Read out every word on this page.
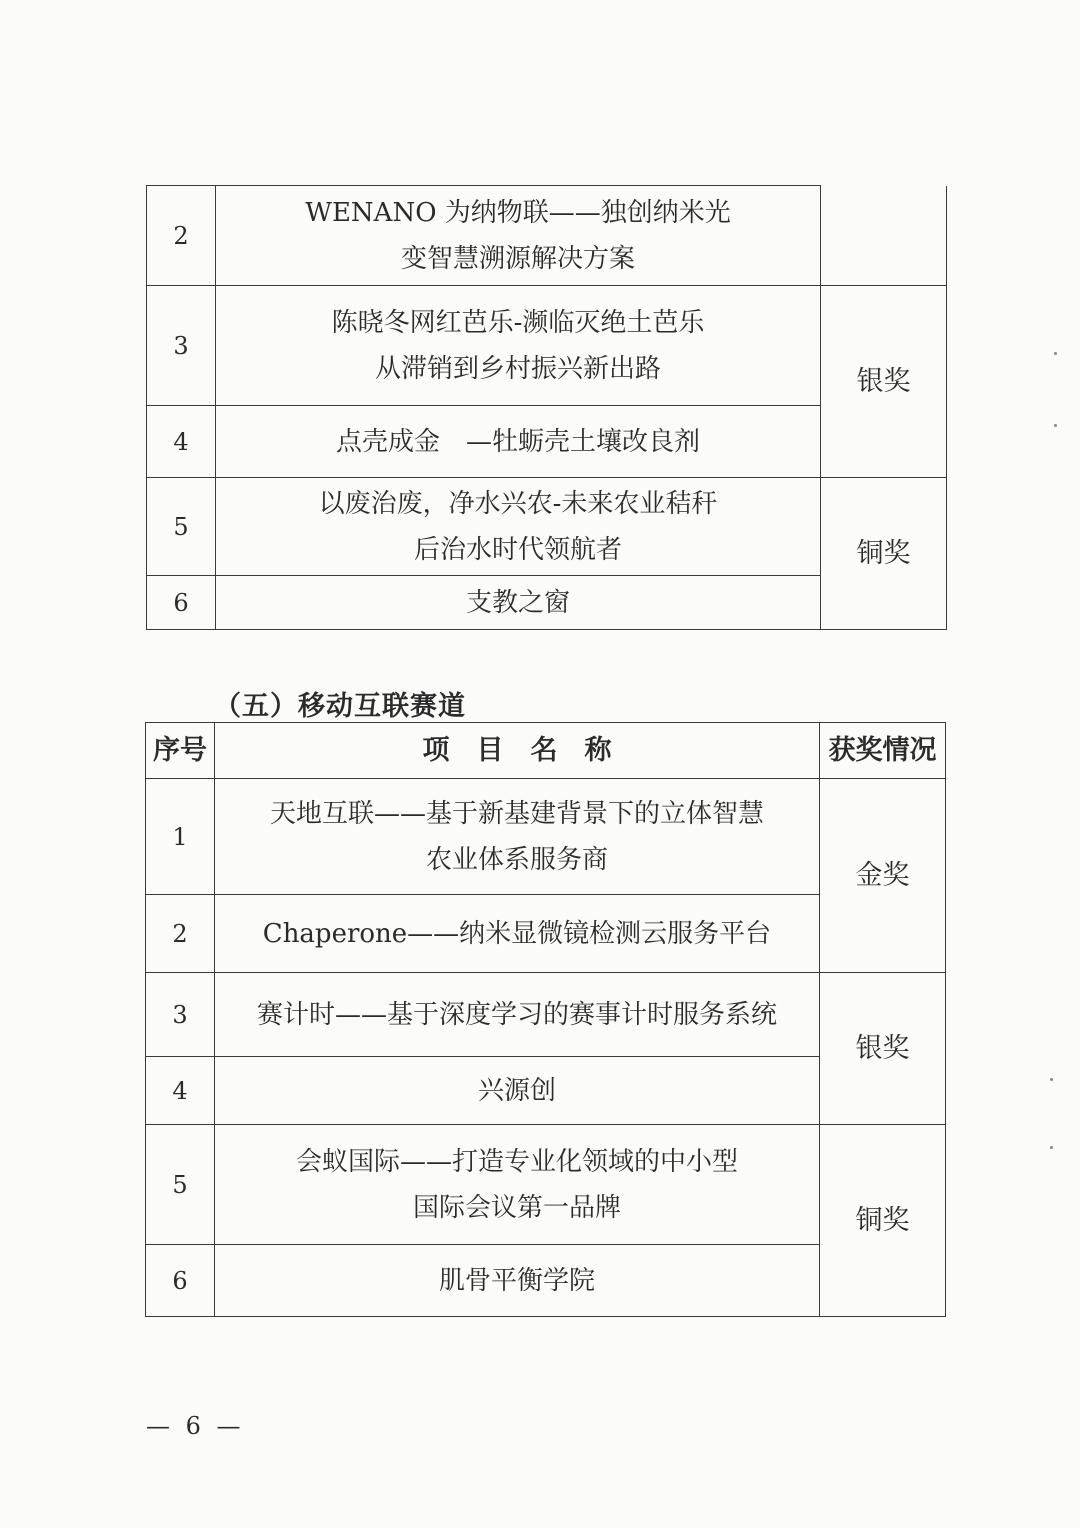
2	WENANO 为纳物联——独创纳米光
变智慧溯源解决方案	

3	陈晓冬网红芭乐-濒临灭绝土芭乐
从滞销到乡村振兴新出路	银奖
4	点壳成金　—牡蛎壳土壤改良剂	

5	以废治废，净水兴农-未来农业秸秆
后治水时代领航者	铜奖
6	支教之窗	
（五）移动互联赛道
序号	项　目　名　称	获奖情况
1	天地互联——基于新基建背景下的立体智慧
农业体系服务商	金奖
2	Chaperone——纳米显微镜检测云服务平台	

3	赛计时——基于深度学习的赛事计时服务系统	银奖
4	兴源创	

5	会蚁国际——打造专业化领域的中小型
国际会议第一品牌	铜奖
6	肌骨平衡学院	
— 6 —
